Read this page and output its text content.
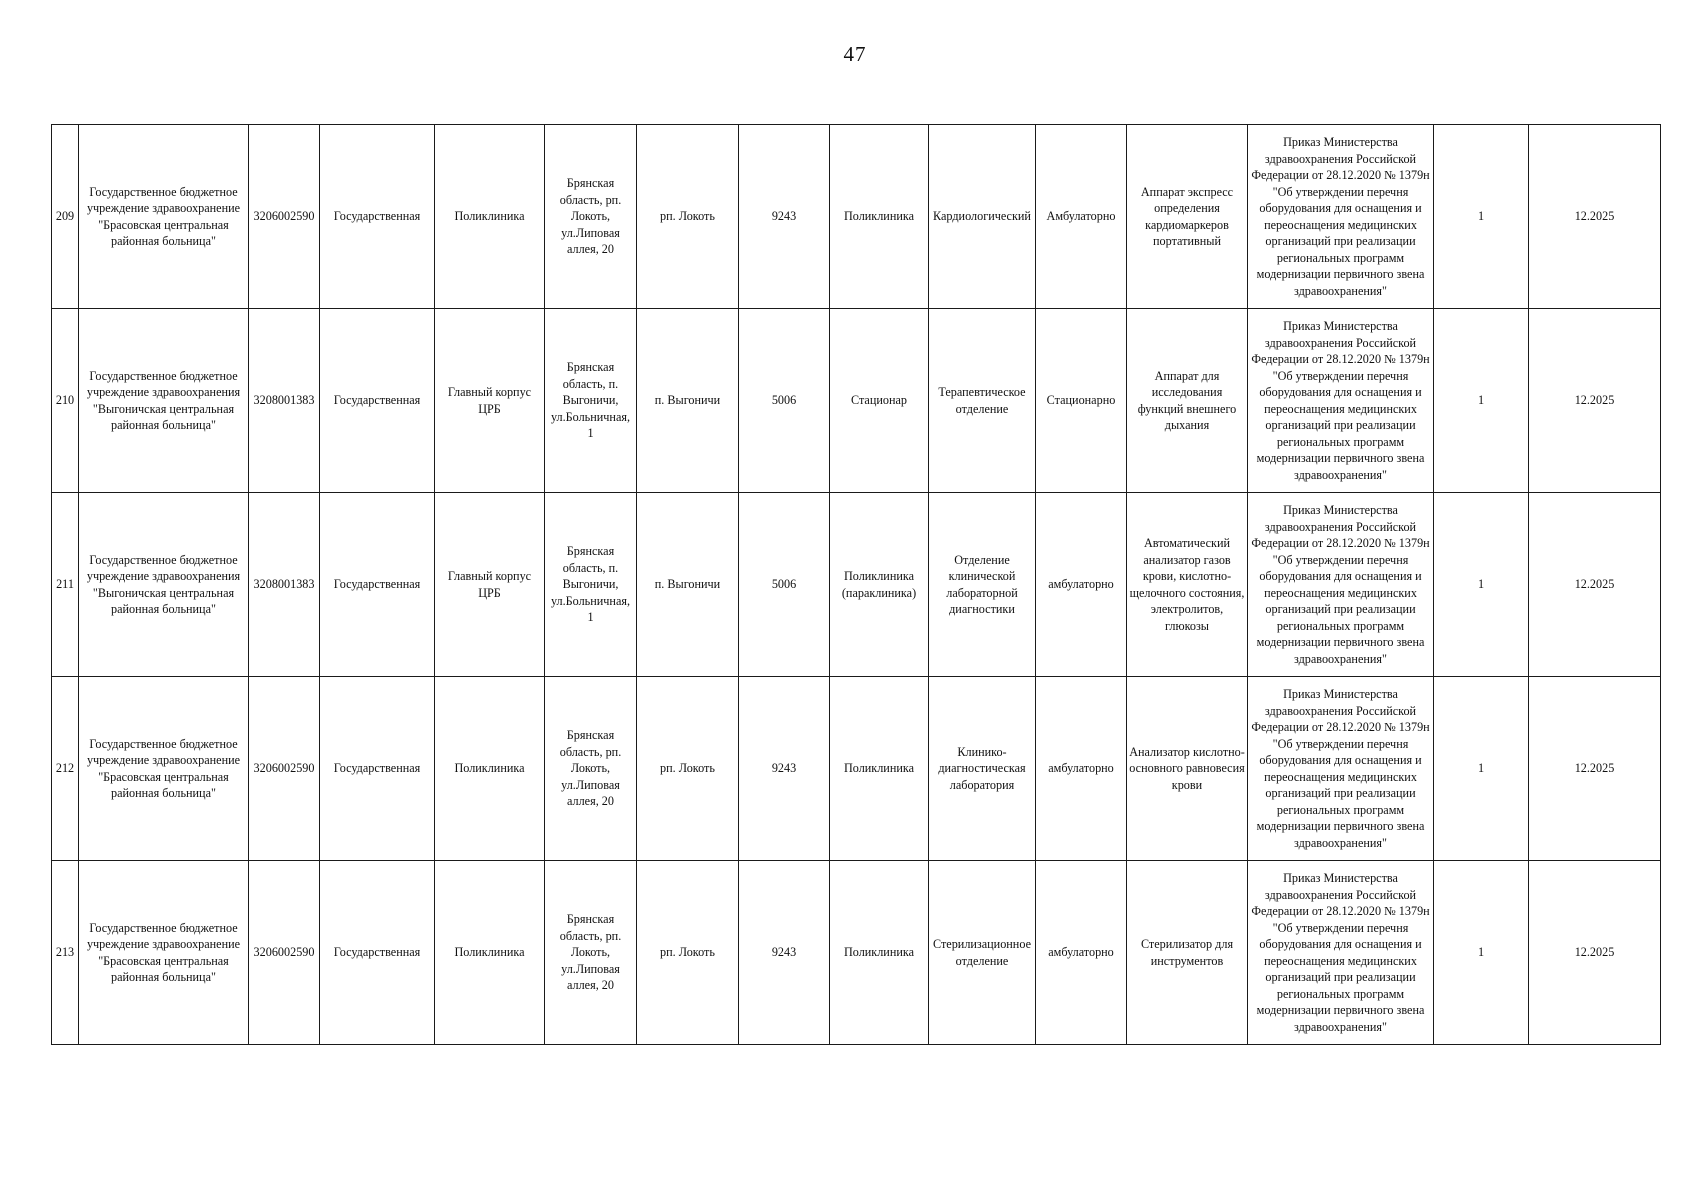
47
209	Государственное бюджетное учреждение здравоохранение "Брасовская центральная районная больница"	3206002590	Государственная	Поликлиника	Брянская область, рп. Локоть, ул.Липовая аллея, 20	рп. Локоть	9243	Поликлиника	Кардиологический	Амбулаторно	Аппарат экспресс определения кардиомаркеров портативный	Приказ Министерства здравоохранения Российской Федерации от 28.12.2020 № 1379н "Об утверждении перечня оборудования для оснащения и переоснащения медицинских организаций при реализации региональных программ модернизации первичного звена здравоохранения"	1	12.2025
210	Государственное бюджетное учреждение здравоохранения "Выгоничская центральная районная больница"	3208001383	Государственная	Главный корпус ЦРБ	Брянская область, п. Выгоничи, ул.Больничная, 1	п. Выгоничи	5006	Стационар	Терапевтическое отделение	Стационарно	Аппарат для исследования функций внешнего дыхания	Приказ Министерства здравоохранения Российской Федерации от 28.12.2020 № 1379н "Об утверждении перечня оборудования для оснащения и переоснащения медицинских организаций при реализации региональных программ модернизации первичного звена здравоохранения"	1	12.2025
211	Государственное бюджетное учреждение здравоохранения "Выгоничская центральная районная больница"	3208001383	Государственная	Главный корпус ЦРБ	Брянская область, п. Выгоничи, ул.Больничная, 1	п. Выгоничи	5006	Поликлиника (параклиника)	Отделение клинической лабораторной диагностики	амбулаторно	Автоматический анализатор газов крови, кислотно-щелочного состояния, электролитов, глюкозы	Приказ Министерства здравоохранения Российской Федерации от 28.12.2020 № 1379н "Об утверждении перечня оборудования для оснащения и переоснащения медицинских организаций при реализации региональных программ модернизации первичного звена здравоохранения"	1	12.2025
212	Государственное бюджетное учреждение здравоохранение "Брасовская центральная районная больница"	3206002590	Государственная	Поликлиника	Брянская область, рп. Локоть, ул.Липовая аллея, 20	рп. Локоть	9243	Поликлиника	Клинико-диагностическая лаборатория	амбулаторно	Анализатор кислотно-основного равновесия крови	Приказ Министерства здравоохранения Российской Федерации от 28.12.2020 № 1379н "Об утверждении перечня оборудования для оснащения и переоснащения медицинских организаций при реализации региональных программ модернизации первичного звена здравоохранения"	1	12.2025
213	Государственное бюджетное учреждение здравоохранение "Брасовская центральная районная больница"	3206002590	Государственная	Поликлиника	Брянская область, рп. Локоть, ул.Липовая аллея, 20	рп. Локоть	9243	Поликлиника	Стерилизационное отделение	амбулаторно	Стерилизатор для инструментов	Приказ Министерства здравоохранения Российской Федерации от 28.12.2020 № 1379н "Об утверждении перечня оборудования для оснащения и переоснащения медицинских организаций при реализации региональных программ модернизации первичного звена здравоохранения"	1	12.2025
